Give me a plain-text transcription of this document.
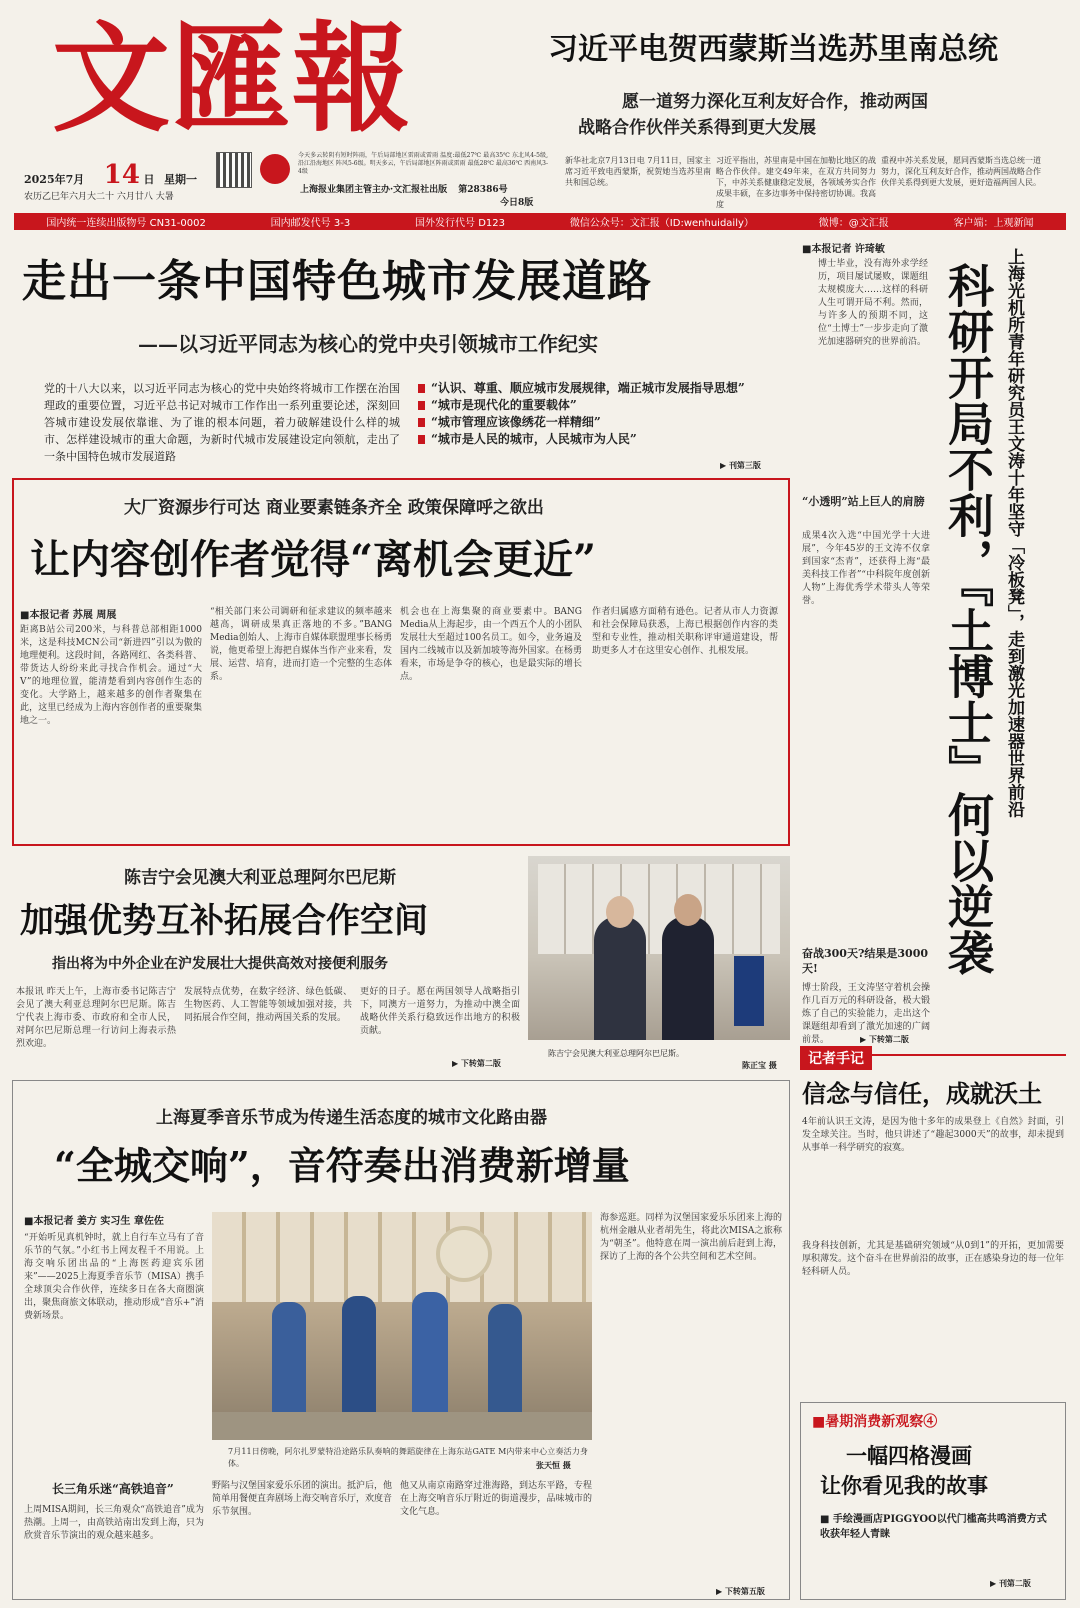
文匯報
2025年7月 14 日 星期一
农历乙巳年六月大二十 六月廿八 大暑
今天多云转阴有短时阵雨，午后局部地区雷雨或雷雨 温度:最低27℃ 最高35℃ 东北风4-5级,沿江沿海地区 阵风5-6级。明天多云，午后局部地区阵雨或雷雨 最低28℃ 最高36℃ 西南风3-4级
上海报业集团主管主办·文汇报社出版 第28386号
今日8版
习近平电贺西蒙斯当选苏里南总统
愿一道努力深化互利友好合作，推动两国
战略合作伙伴关系得到更大发展
新华社北京7月13日电 7月11日，国家主席习近平致电西蒙斯，祝贺她当选苏里南共和国总统。
习近平指出，苏里南是中国在加勒比地区的战略合作伙伴。建交49年来，在双方共同努力下，中苏关系健康稳定发展，各领域务实合作成果丰硕，在多边事务中保持密切协调。我高度
重视中苏关系发展，愿同西蒙斯当选总统一道努力，深化互利友好合作，推动两国战略合作伙伴关系得到更大发展，更好造福两国人民。
国内统一连续出版物号 CN31-0002	国内邮发代号 3-3	国外发行代号 D123	微信公众号：文汇报（ID:wenhuidaily）	微博：@文汇报	客户端：上观新闻
走出一条中国特色城市发展道路
——以习近平同志为核心的党中央引领城市工作纪实
党的十八大以来，以习近平同志为核心的党中央始终将城市工作摆在治国理政的重要位置，习近平总书记对城市工作作出一系列重要论述，深刻回答城市建设发展依靠谁、为了谁的根本问题，着力破解建设什么样的城市、怎样建设城市的重大命题，为新时代城市发展建设定向领航，走出了一条中国特色城市发展道路
“认识、尊重、顺应城市发展规律，端正城市发展指导思想”
“城市是现代化的重要载体”
“城市管理应该像绣花一样精细”
“城市是人民的城市，人民城市为人民”
▶ 刊第三版
大厂资源步行可达 商业要素链条齐全 政策保障呼之欲出
让内容创作者觉得“离机会更近”
■本报记者 苏展 周展
距离B站公司200米，与科普总部相距1000米，这是科技MCN公司“新进四”引以为傲的地理便利。这段时间，各路网红、各类科普、带货达人纷纷来此寻找合作机会。通过“大V”的地理位置，能清楚看到内容创作生态的变化。大学路上，越来越多的创作者聚集在此，这里已经成为上海内容创作者的重要聚集地之一。
“相关部门来公司调研和征求建议的频率越来越高，调研成果真正落地的不多。”BANG Media创始人、上海市自媒体联盟理事长杨勇说，他更希望上海把自媒体当作产业来看，发展、运营、培育，进而打造一个完整的生态体系。
机会也在上海集聚的商业要素中。BANG Media从上海起步，由一个西五个人的小团队发展壮大至超过100名员工。如今，业务遍及国内二线城市以及新加坡等海外国家。在杨勇看来，市场是争夺的核心，也是最实际的增长点。
作者归属感方面稍有逊色。记者从市人力资源和社会保障局获悉，上海已根据创作内容的类型和专业性，推动相关职称评审通道建设，帮助更多人才在这里安心创作、扎根发展。
陈吉宁会见澳大利亚总理阿尔巴尼斯
加强优势互补拓展合作空间
指出将为中外企业在沪发展壮大提供高效对接便利服务
本报讯 昨天上午，上海市委书记陈吉宁会见了澳大利亚总理阿尔巴尼斯。陈吉宁代表上海市委、市政府和全市人民，对阿尔巴尼斯总理一行访问上海表示热烈欢迎。
发展特点优势，在数字经济、绿色低碳、生物医药、人工智能等领域加强对接，共同拓展合作空间，推动两国关系的发展。
更好的日子。愿在两国领导人战略指引下，同澳方一道努力，为推动中澳全面战略伙伴关系行稳致远作出地方的积极贡献。
▶ 下转第二版
陈吉宁会见澳大利亚总理阿尔巴尼斯。
陈正宝 摄
上海夏季音乐节成为传递生活态度的城市文化路由器
“全城交响”，音符奏出消费新增量
■本报记者 姜方 实习生 章佐佐
“开始听见真机钟时，就上自行车立马有了音乐节的气氛。”小红书上网友程千不用说。上海交响乐团出品的“上海医药迎宾乐团来”——2025上海夏季音乐节（MISA）携手全球顶尖合作伙伴，连续多日在各大商圈演出，聚焦商旅文体联动，推动形成“音乐+”消费新场景。
长三角乐迷“高铁追音”
上周MISA期间，长三角观众“高铁追音”成为热潮。上周一，由高铁站南出发到上海，只为欣赏音乐节演出的观众越来越多。
7月11日傍晚，阿尔扎罗蒙特沿途路乐队奏响的舞蹈旋律在上海东站GATE M内带来中心立奏活力身体。	张天恒 摄
海参巡逛。同样为汉堡国家爱乐乐团来上海的杭州金融从业者胡先生，将此次MISA之旅称为“朝圣”。他特意在周一演出前后赶到上海，探访了上海的各个公共空间和艺术空间。
野陷与汉堡国家爱乐乐团的演出。抵沪后，他简单用餐便直奔剧场上海交响音乐厅，欢度音乐节氛围。
他又从南京南路穿过淮海路，到达东平路，专程在上海交响音乐厅附近的街道漫步，品味城市的文化气息。
▶ 下转第五版
■本报记者 许琦敏
博士毕业，没有海外求学经历，项目屡试屡败，课题组太规模庞大……这样的科研人生可谓开局不利。然而，与许多人的预期不同，这位“土博士”一步步走向了激光加速器研究的世界前沿。
“小透明”站上巨人的肩膀
成果4次入选“中国光学十大进展”，今年45岁的王文涛不仅拿到国家“杰青”，还获得上海“最美科技工作者”“中科院年度创新人物”上海优秀学术带头人等荣誉。
奋战300天?结果是3000天!
博士阶段，王文涛坚守着机会操作几百万元的科研设备，极大锻炼了自己的实验能力，走出这个课题组却看到了激光加速的广阔前景。	▶ 下转第二版
科研开局不利，『土博士』何以逆袭 上海光机所青年研究员王文涛十年坚守「冷板凳」，走到激光加速器世界前沿
记者手记
信念与信任，成就沃土
4年前认识王文涛，是因为他十多年的成果登上《自然》封面，引发全球关注。当时，他只讲述了“趣起3000天”的故事，却未提到从事单一科学研究的寂寞。
我身科技创新，尤其是基础研究领域“从0到1”的开拓，更加需要厚积薄发。这个奋斗在世界前沿的故事，正在感染身边的每一位年轻科研人员。
■暑期消费新观察④
一幅四格漫画
让你看见我的故事
■ 手绘漫画店PIGGYOO以代门槛高共鸣消费方式收获年轻人青睐
▶ 刊第二版
